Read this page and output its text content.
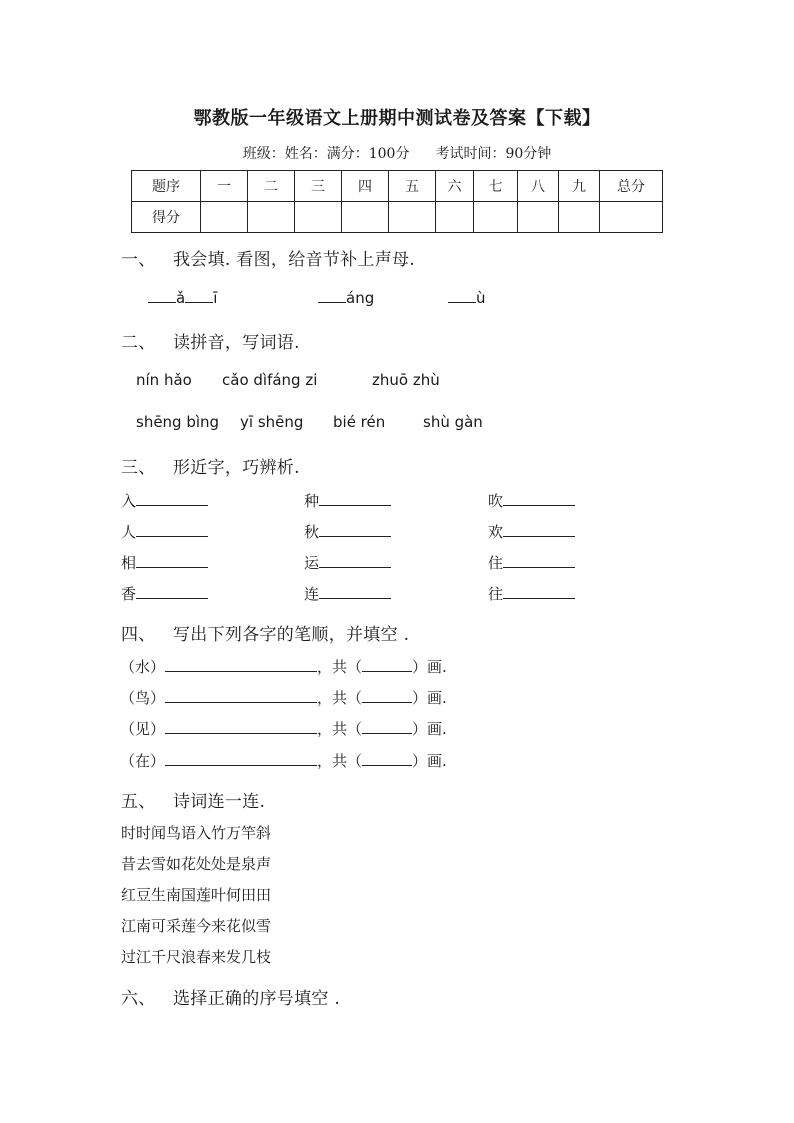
鄂教版一年级语文上册期中测试卷及答案【下载】
班级：姓名：满分：100分 考试时间：90分钟
题序	一	二	三	四	五	六	七	八	九	总分
得分										
一、 我会填. 看图，给音节补上声母.
ǎ ī	áng	ù
二、 读拼音，写词语.
nín hǎo cǎo dìfáng zi	zhuō zhù
shēng bìng yī shēng bié rén	shù gàn
三、 形近字，巧辨析.
入	种	吹
人	秋	欢
相	运	住
香	连	往
四、 写出下列各字的笔顺，并填空 .
（水）	，共（	）画.
（鸟）	，共（	）画.
（见）	，共（	）画.
（在）	，共（	）画.
五、 诗词连一连.
时时闻鸟语入竹万竿斜
昔去雪如花处处是泉声
红豆生南国莲叶何田田
江南可采莲今来花似雪
过江千尺浪春来发几枝
六、 选择正确的序号填空 .
